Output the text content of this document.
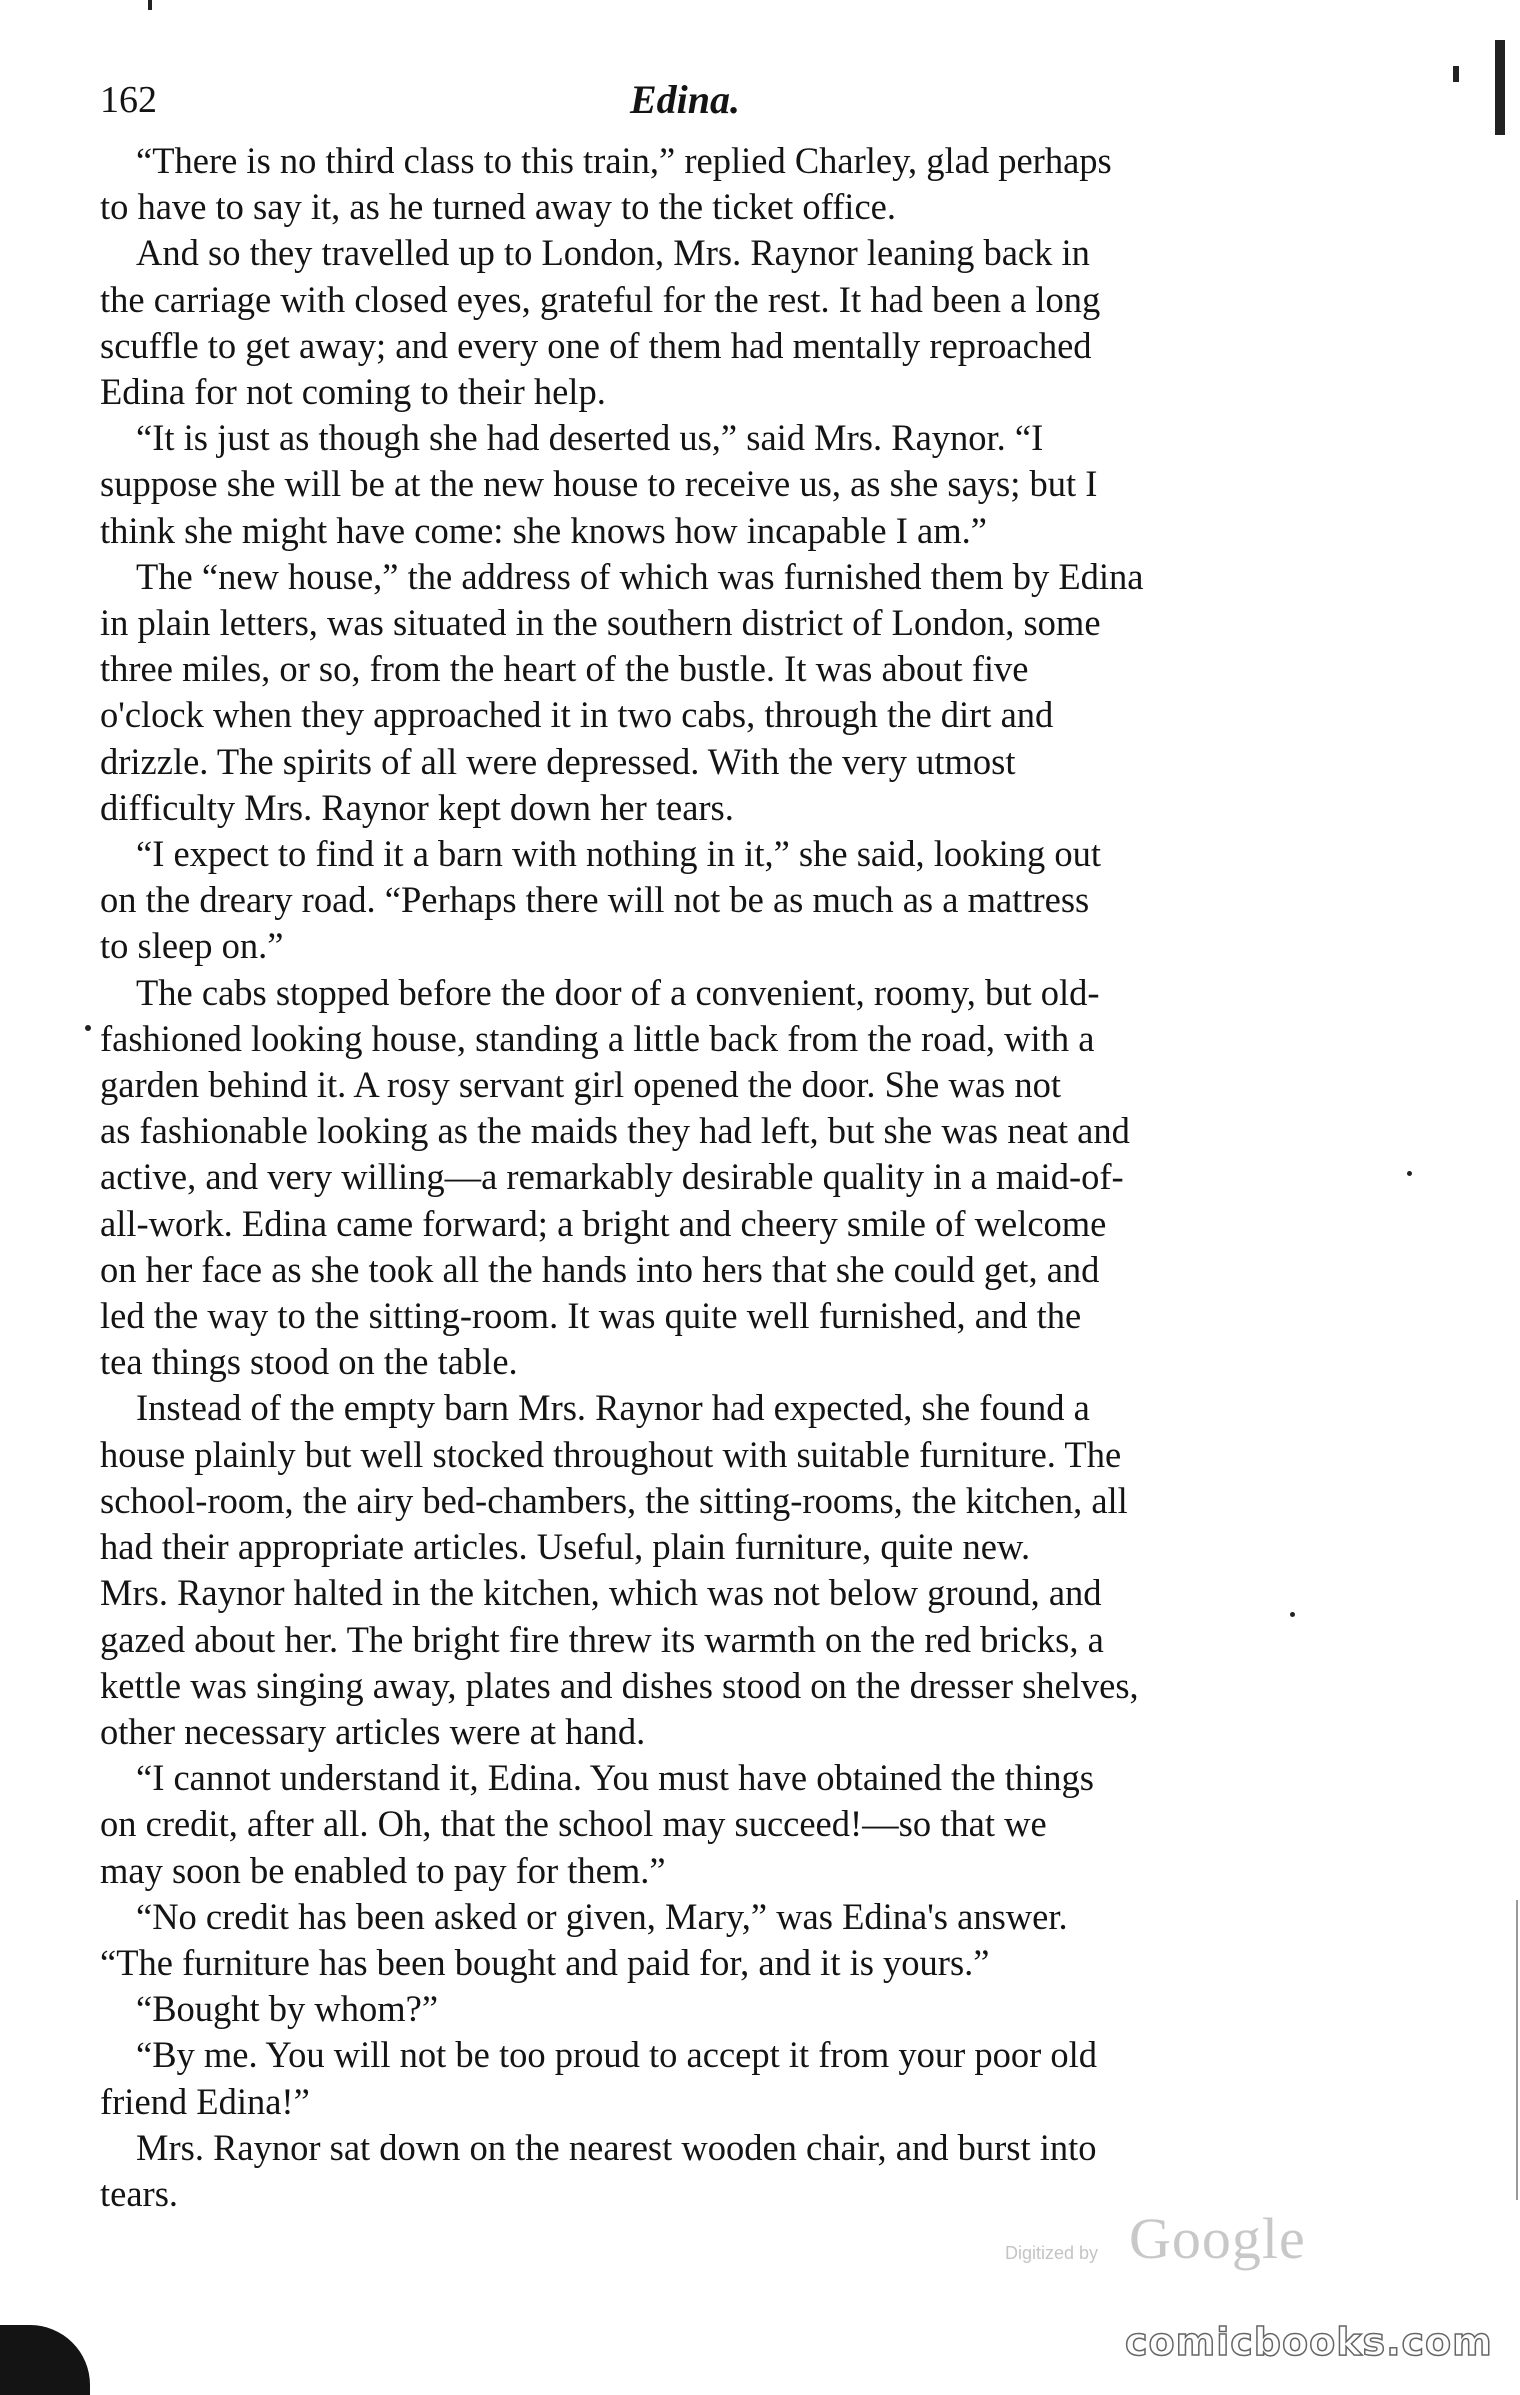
162	Edina.

“There is no third class to this train,” replied Charley, glad perhaps
to have to say it, as he turned away to the ticket office.

And so they travelled up to London, Mrs. Raynor leaning back in
the carriage with closed eyes, grateful for the rest. It had been a long
scuffle to get away; and every one of them had mentally reproached
Edina for not coming to their help.

“It is just as though she had deserted us,” said Mrs. Raynor. “I
suppose she will be at the new house to receive us, as she says; but I
think she might have come: she knows how incapable I am.”

The “new house,” the address of which was furnished them by Edina
in plain letters, was situated in the southern district of London, some
three miles, or so, from the heart of the bustle. It was about five
o'clock when they approached it in two cabs, through the dirt and
drizzle. The spirits of all were depressed. With the very utmost
difficulty Mrs. Raynor kept down her tears.

“I expect to find it a barn with nothing in it,” she said, looking out
on the dreary road. “Perhaps there will not be as much as a mattress
to sleep on.”

The cabs stopped before the door of a convenient, roomy, but old-
fashioned looking house, standing a little back from the road, with a
garden behind it. A rosy servant girl opened the door. She was not
as fashionable looking as the maids they had left, but she was neat and
active, and very willing—a remarkably desirable quality in a maid-of-
all-work. Edina came forward; a bright and cheery smile of welcome
on her face as she took all the hands into hers that she could get, and
led the way to the sitting-room. It was quite well furnished, and the
tea things stood on the table.

Instead of the empty barn Mrs. Raynor had expected, she found a
house plainly but well stocked throughout with suitable furniture. The
school-room, the airy bed-chambers, the sitting-rooms, the kitchen, all
had their appropriate articles. Useful, plain furniture, quite new.
Mrs. Raynor halted in the kitchen, which was not below ground, and
gazed about her. The bright fire threw its warmth on the red bricks, a
kettle was singing away, plates and dishes stood on the dresser shelves,
other necessary articles were at hand.

“I cannot understand it, Edina. You must have obtained the things
on credit, after all. Oh, that the school may succeed!—so that we
may soon be enabled to pay for them.”

“No credit has been asked or given, Mary,” was Edina's answer.
“The furniture has been bought and paid for, and it is yours.”

“Bought by whom?”

“By me. You will not be too proud to accept it from your poor old
friend Edina!”

Mrs. Raynor sat down on the nearest wooden chair, and burst into
tears.

Digitized by Google
comicbooks.com
